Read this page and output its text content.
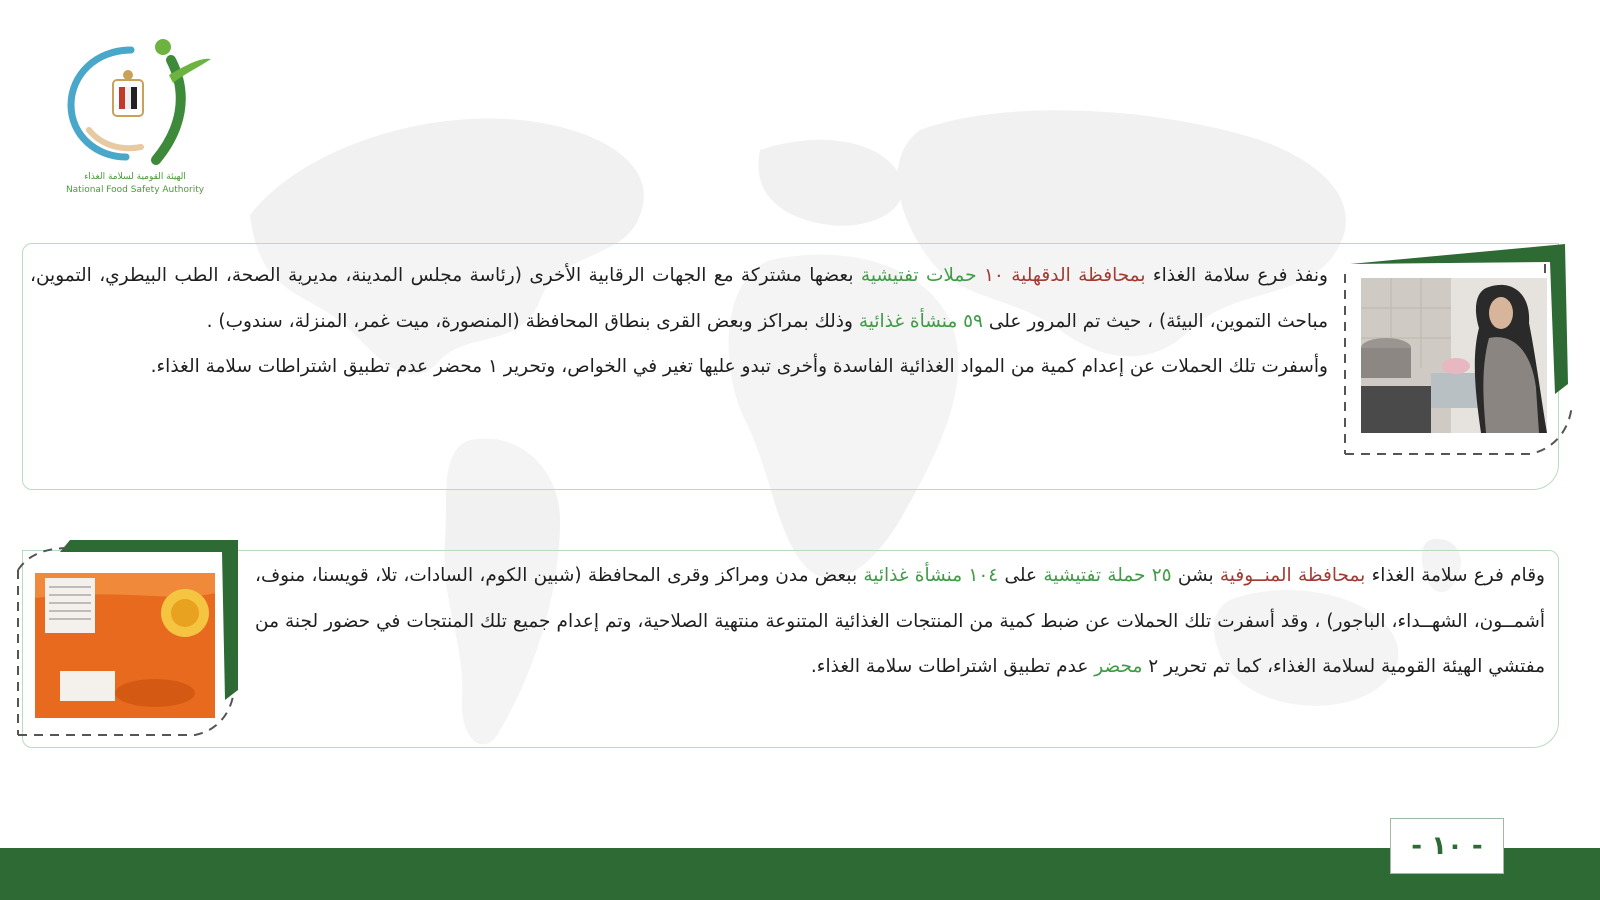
الهيئة القومية لسلامة الغذاء
National Food Safety Authority

ونفذ فرع سلامة الغذاء بمحافظة الدقهلية ١٠ حملات تفتيشية بعضها مشتركة مع الجهات الرقابية الأخرى (رئاسة مجلس المدينة، مديرية الصحة، الطب البيطري، التموين، مباحث التموين، البيئة) ، حيث تم المرور على ٥٩ منشأة غذائية وذلك بمراكز وبعض القرى بنطاق المحافظة (المنصورة، ميت غمر، المنزلة، سندوب) .
وأسفرت تلك الحملات عن إعدام كمية من المواد الغذائية الفاسدة وأخرى تبدو عليها تغير في الخواص، وتحرير ١ محضر عدم تطبيق اشتراطات سلامة الغذاء.

وقام فرع سلامة الغذاء بمحافظة المنــوفية بشن ٢٥ حملة تفتيشية على ١٠٤ منشأة غذائية ببعض مدن ومراكز وقرى المحافظة (شبين الكوم، السادات، تلا، قويسنا، منوف، أشمــون، الشهــداء، الباجور) ، وقد أسفرت تلك الحملات عن ضبط كمية من المنتجات الغذائية المتنوعة منتهية الصلاحية، وتم إعدام جميع تلك المنتجات في حضور لجنة من مفتشي الهيئة القومية لسلامة الغذاء، كما تم تحرير ٢ محضر عدم تطبيق اشتراطات سلامة الغذاء.

- ١٠ -
